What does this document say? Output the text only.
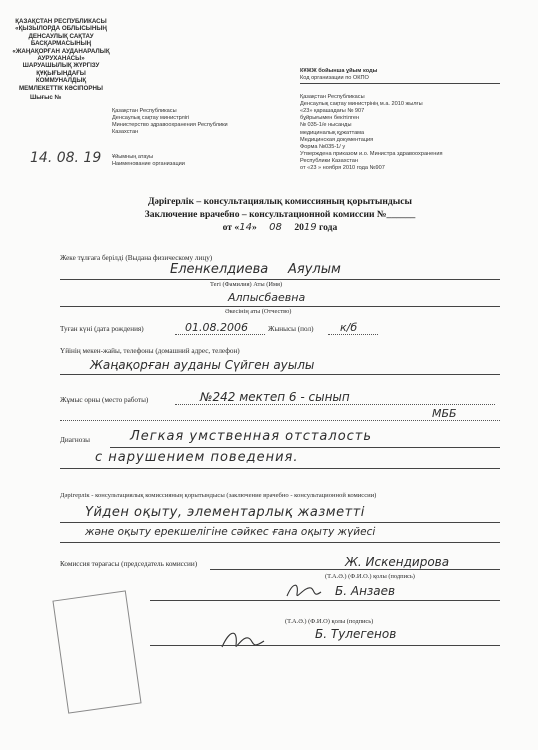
ҚАЗАҚСТАН РЕСПУБЛИКАСЫ
«ҚЫЗЫЛОРДА ОБЛЫСЫНЫҢ
ДЕНСАУЛЫҚ САҚТАУ
БАСҚАРМАСЫНЫҢ
«ЖАҢАҚОРҒАН АУДАНАРАЛЫҚ
АУРУХАНАСЫ»
ШАРУАШЫЛЫҚ ЖҮРГІЗУ
ҚҰҚЫҒЫНДАҒЫ
КОММУНАЛДЫҚ
МЕМЛЕКЕТТІК КӘСІПОРНЫ
Шығыс №
14. 08. 19
Қазақстан Республикасы
Денсаулық сақтау министрлігі
Министерство здравоохранения Республики
Казахстан
Ұйымның атауы
Наименование организации
КҰЖЖ бойынша ұйым коды
Код организации по ОКПО
Қазақстан Республикасы
Денсаулық сақтау министрінің м.а. 2010 жылғы
«23» қарашадағы № 907
бұйрығымен бекітілген
№ 035-1/е нысанды
медициналық құжаттама
Медицинская документация
Форма №035-1/ у
Утверждена приказом и.о. Министра здравоохранения
Республики Казахстан
от «23 » ноября 2010 года №907
Дәрігерлік – консультациялық комиссияның қорытындысы
Заключение врачебно – консультационной комиссии №______
от «14» 08 2019 года
Жеке тұлғаға берілді (Выдана физическому лицу)
Еленкелдиева Аяулым
Тегі (Фамилия) Аты (Имя)
Алпысбаевна
Әкесінің аты (Отчество)
Туған күні (дата рождения)	01.08.2006	Жынысы (пол) к/б
Үйінің мекен-жайы, телефоны (домашний адрес, телефон)
Жаңақорған ауданы Сүйген ауылы
Жұмыс орны (место работы)	№242 мектеп 6 - сынып
МББ
Диагнозы	Легкая умственная отсталость
с нарушением поведения.
Дәрігерлік - консультациялық комиссияның қорытындысы (заключение врачебно - консультационной комиссии)
Үйден оқыту, элементарлық жазметті
және оқыту ерекшелігіне сәйкес ғана оқыту жүйесі
Комиссия төрағасы (председатель комиссии)	Ж. Искендирова
(Т.А.Ә.) (Ф.И.О.) қолы (подпись)
Б. Анзаев
(Т.А.Ә.) (Ф.И.О) қолы (подпись)
Б. Тулегенов
